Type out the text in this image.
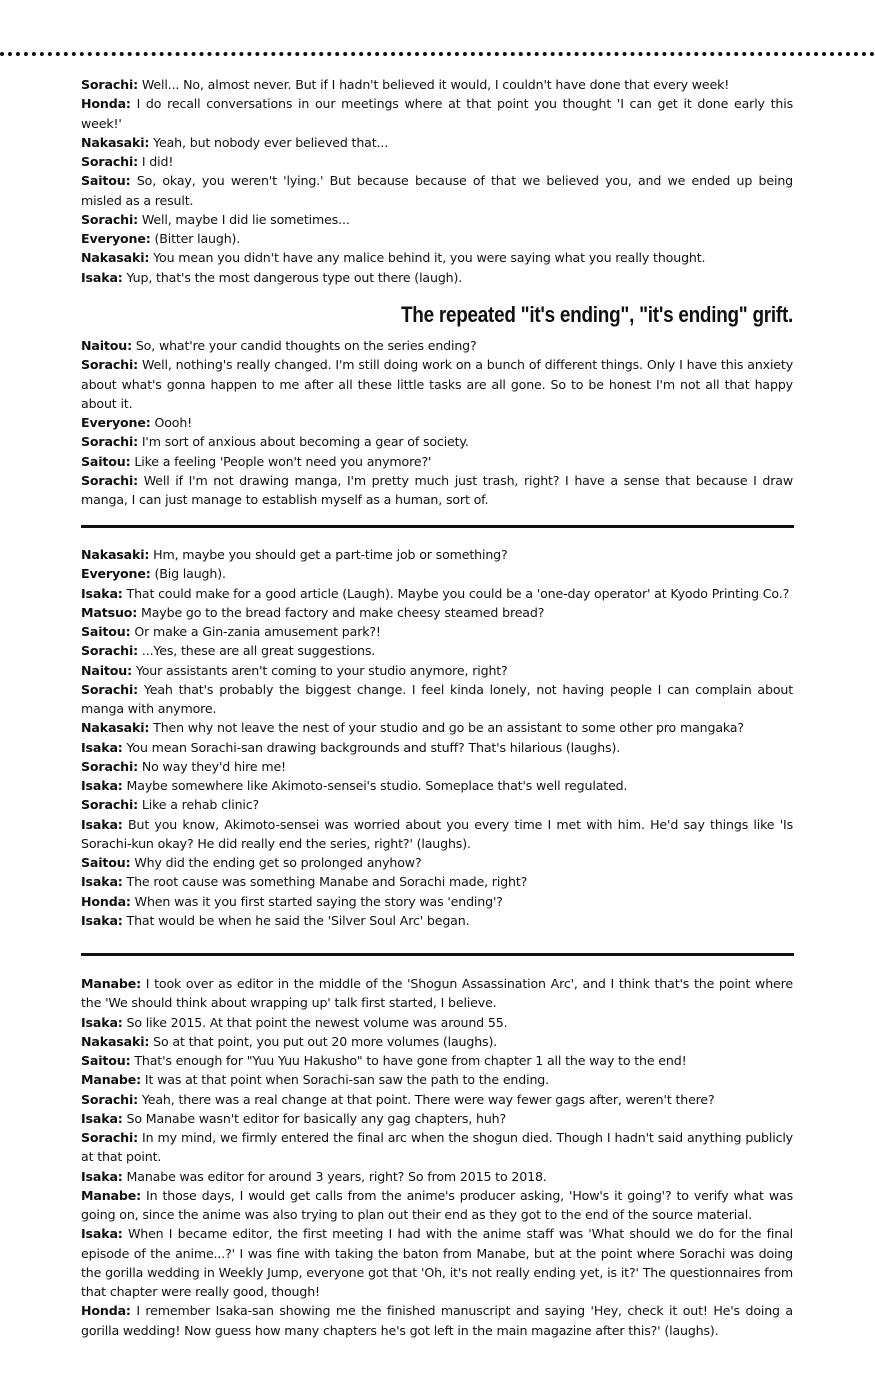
Sorachi: Well... No, almost never. But if I hadn't believed it would, I couldn't have done that every week!

Honda: I do recall conversations in our meetings where at that point you thought 'I can get it done early this week!'

Nakasaki: Yeah, but nobody ever believed that...

Sorachi: I did!

Saitou: So, okay, you weren't 'lying.' But because because of that we believed you, and we ended up being misled as a result.

Sorachi: Well, maybe I did lie sometimes...

Everyone: (Bitter laugh).

Nakasaki: You mean you didn't have any malice behind it, you were saying what you really thought.

Isaka: Yup, that's the most dangerous type out there (laugh).

The repeated "it's ending", "it's ending" grift.

Naitou: So, what're your candid thoughts on the series ending?

Sorachi: Well, nothing's really changed. I'm still doing work on a bunch of different things. Only I have this anxiety about what's gonna happen to me after all these little tasks are all gone. So to be honest I'm not all that happy about it.

Everyone: Oooh!

Sorachi: I'm sort of anxious about becoming a gear of society.

Saitou: Like a feeling 'People won't need you anymore?'

Sorachi: Well if I'm not drawing manga, I'm pretty much just trash, right? I have a sense that because I draw manga, I can just manage to establish myself as a human, sort of.

Nakasaki: Hm, maybe you should get a part-time job or something?

Everyone: (Big laugh).

Isaka: That could make for a good article (Laugh). Maybe you could be a 'one-day operator' at Kyodo Printing Co.?

Matsuo: Maybe go to the bread factory and make cheesy steamed bread?

Saitou: Or make a Gin-zania amusement park?!

Sorachi: ...Yes, these are all great suggestions.

Naitou: Your assistants aren't coming to your studio anymore, right?

Sorachi: Yeah that's probably the biggest change. I feel kinda lonely, not having people I can complain about manga with anymore.

Nakasaki: Then why not leave the nest of your studio and go be an assistant to some other pro mangaka?

Isaka: You mean Sorachi-san drawing backgrounds and stuff? That's hilarious (laughs).

Sorachi: No way they'd hire me!

Isaka: Maybe somewhere like Akimoto-sensei's studio. Someplace that's well regulated.

Sorachi: Like a rehab clinic?

Isaka: But you know, Akimoto-sensei was worried about you every time I met with him. He'd say things like 'Is Sorachi-kun okay? He did really end the series, right?' (laughs).

Saitou: Why did the ending get so prolonged anyhow?

Isaka: The root cause was something Manabe and Sorachi made, right?

Honda: When was it you first started saying the story was 'ending'?

Isaka: That would be when he said the 'Silver Soul Arc' began.

Manabe: I took over as editor in the middle of the 'Shogun Assassination Arc', and I think that's the point where the 'We should think about wrapping up' talk first started, I believe.

Isaka: So like 2015. At that point the newest volume was around 55.

Nakasaki: So at that point, you put out 20 more volumes (laughs).

Saitou: That's enough for "Yuu Yuu Hakusho" to have gone from chapter 1 all the way to the end!

Manabe: It was at that point when Sorachi-san saw the path to the ending.

Sorachi: Yeah, there was a real change at that point. There were way fewer gags after, weren't there?

Isaka: So Manabe wasn't editor for basically any gag chapters, huh?

Sorachi: In my mind, we firmly entered the final arc when the shogun died. Though I hadn't said anything publicly at that point.

Isaka: Manabe was editor for around 3 years, right? So from 2015 to 2018.

Manabe: In those days, I would get calls from the anime's producer asking, 'How's it going'? to verify what was going on, since the anime was also trying to plan out their end as they got to the end of the source material.

Isaka: When I became editor, the first meeting I had with the anime staff was 'What should we do for the final episode of the anime...?' I was fine with taking the baton from Manabe, but at the point where Sorachi was doing the gorilla wedding in Weekly Jump, everyone got that 'Oh, it's not really ending yet, is it?' The questionnaires from that chapter were really good, though!

Honda: I remember Isaka-san showing me the finished manuscript and saying 'Hey, check it out! He's doing a gorilla wedding! Now guess how many chapters he's got left in the main magazine after this?' (laughs).
